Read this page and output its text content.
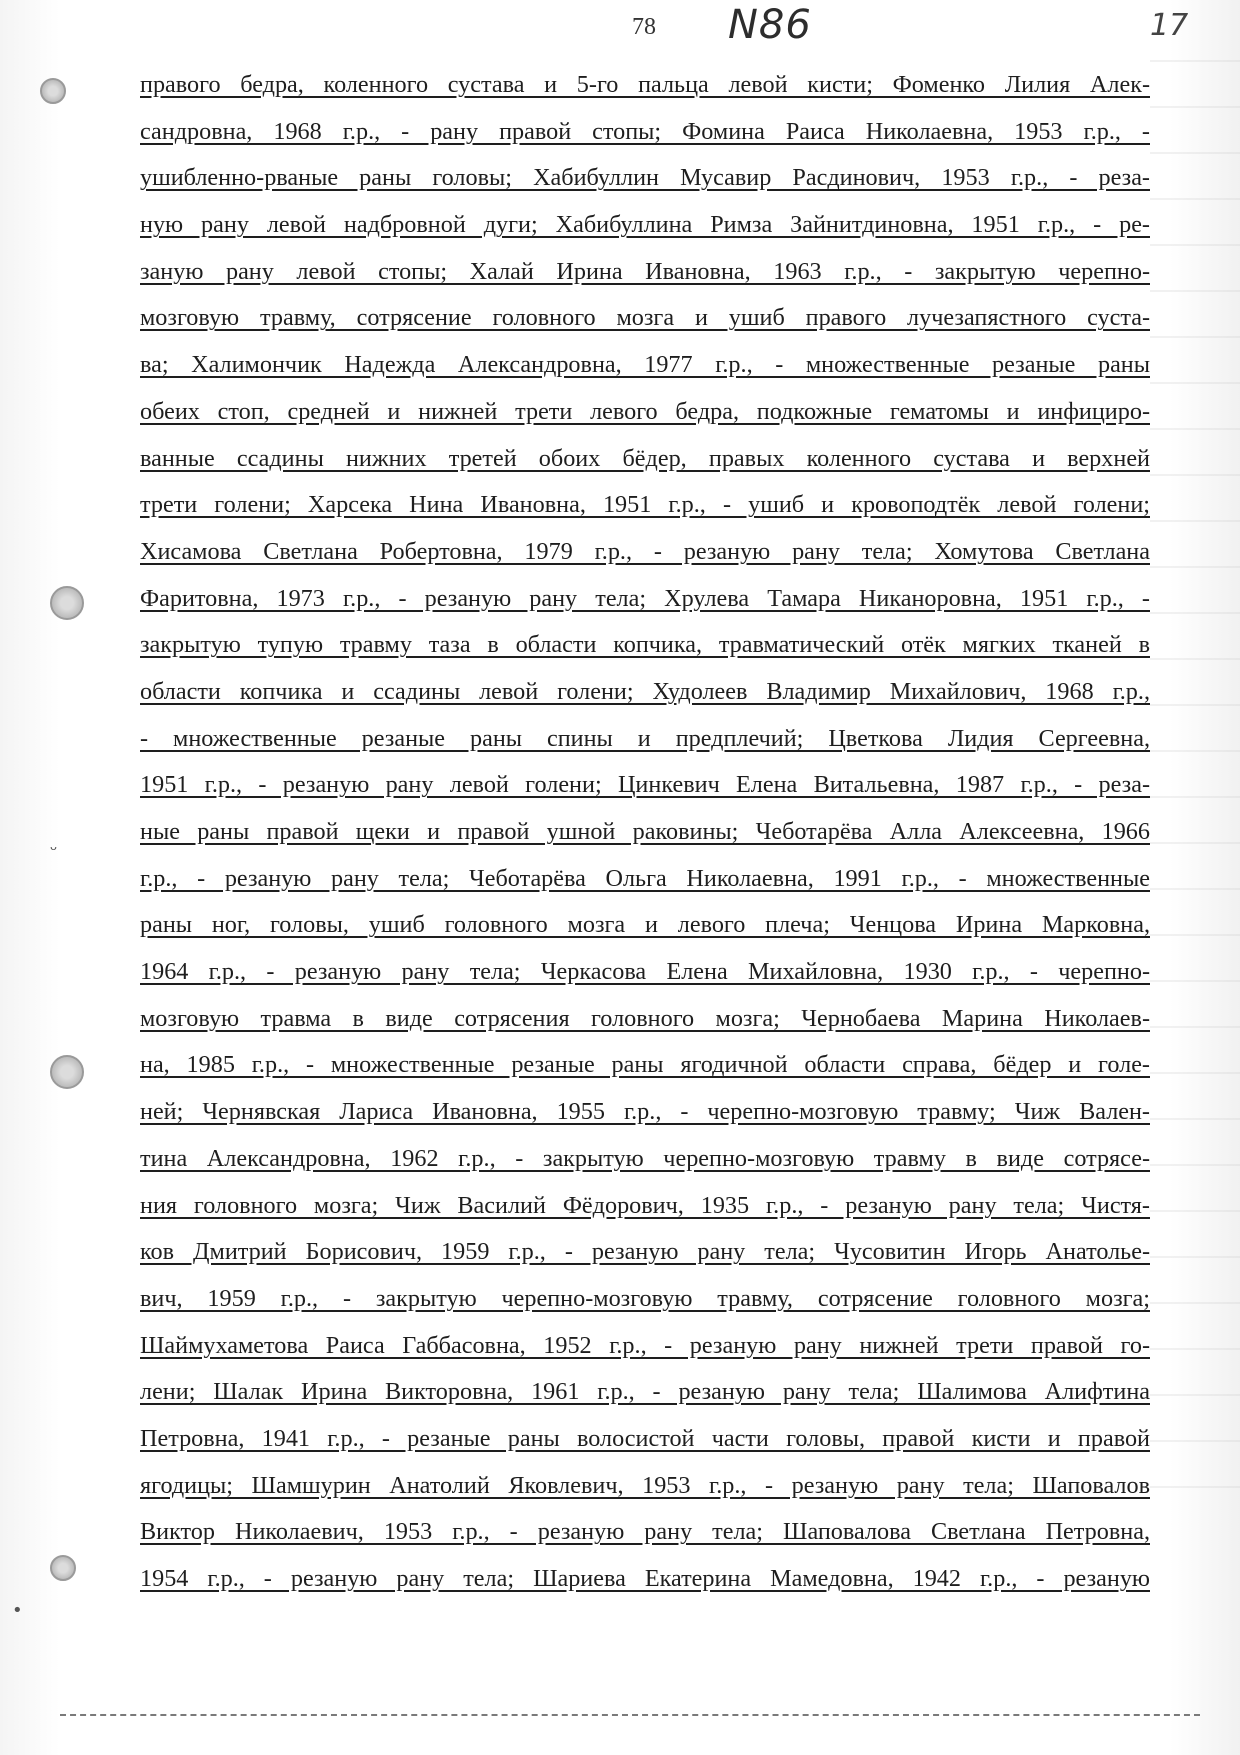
78 N86	17
ᵕ
•
правого бедра, коленного сустава и 5-го пальца левой кисти; Фоменко Лилия Алек-
сандровна, 1968 г.р., - рану правой стопы; Фомина Раиса Николаевна, 1953 г.р., -
ушибленно-рваные раны головы; Хабибуллин Мусавир Расдинович, 1953 г.р., - реза-
ную рану левой надбровной дуги; Хабибуллина Римза Зайнитдиновна, 1951 г.р., - ре-
заную рану левой стопы; Халай Ирина Ивановна, 1963 г.р., - закрытую черепно-
мозговую травму, сотрясение головного мозга и ушиб правого лучезапястного суста-
ва; Халимончик Надежда Александровна, 1977 г.р., - множественные резаные раны
обеих стоп, средней и нижней трети левого бедра, подкожные гематомы и инфициро-
ванные ссадины нижних третей обоих бёдер, правых коленного сустава и верхней
трети голени; Харсека Нина Ивановна, 1951 г.р., - ушиб и кровоподтёк левой голени;
Хисамова Светлана Робертовна, 1979 г.р., - резаную рану тела; Хомутова Светлана
Фаритовна, 1973 г.р., - резаную рану тела; Хрулева Тамара Никаноровна, 1951 г.р., -
закрытую тупую травму таза в области копчика, травматический отёк мягких тканей в
области копчика и ссадины левой голени; Худолеев Владимир Михайлович, 1968 г.р.,
- множественные резаные раны спины и предплечий; Цветкова Лидия Сергеевна,
1951 г.р., - резаную рану левой голени; Цинкевич Елена Витальевна, 1987 г.р., - реза-
ные раны правой щеки и правой ушной раковины; Чеботарёва Алла Алексеевна, 1966
г.р., - резаную рану тела; Чеботарёва Ольга Николаевна, 1991 г.р., - множественные
раны ног, головы, ушиб головного мозга и левого плеча; Ченцова Ирина Марковна,
1964 г.р., - резаную рану тела; Черкасова Елена Михайловна, 1930 г.р., - черепно-
мозговую травма в виде сотрясения головного мозга; Чернобаева Марина Николаев-
на, 1985 г.р., - множественные резаные раны ягодичной области справа, бёдер и голе-
ней; Чернявская Лариса Ивановна, 1955 г.р., - черепно-мозговую травму; Чиж Вален-
тина Александровна, 1962 г.р., - закрытую черепно-мозговую травму в виде сотрясе-
ния головного мозга; Чиж Василий Фёдорович, 1935 г.р., - резаную рану тела; Чистя-
ков Дмитрий Борисович, 1959 г.р., - резаную рану тела; Чусовитин Игорь Анатолье-
вич, 1959 г.р., - закрытую черепно-мозговую травму, сотрясение головного мозга;
Шаймухаметова Раиса Габбасовна, 1952 г.р., - резаную рану нижней трети правой го-
лени; Шалак Ирина Викторовна, 1961 г.р., - резаную рану тела; Шалимова Алифтина
Петровна, 1941 г.р., - резаные раны волосистой части головы, правой кисти и правой
ягодицы; Шамшурин Анатолий Яковлевич, 1953 г.р., - резаную рану тела; Шаповалов
Виктор Николаевич, 1953 г.р., - резаную рану тела; Шаповалова Светлана Петровна,
1954 г.р., - резаную рану тела; Шариева Екатерина Мамедовна, 1942 г.р., - резаную
